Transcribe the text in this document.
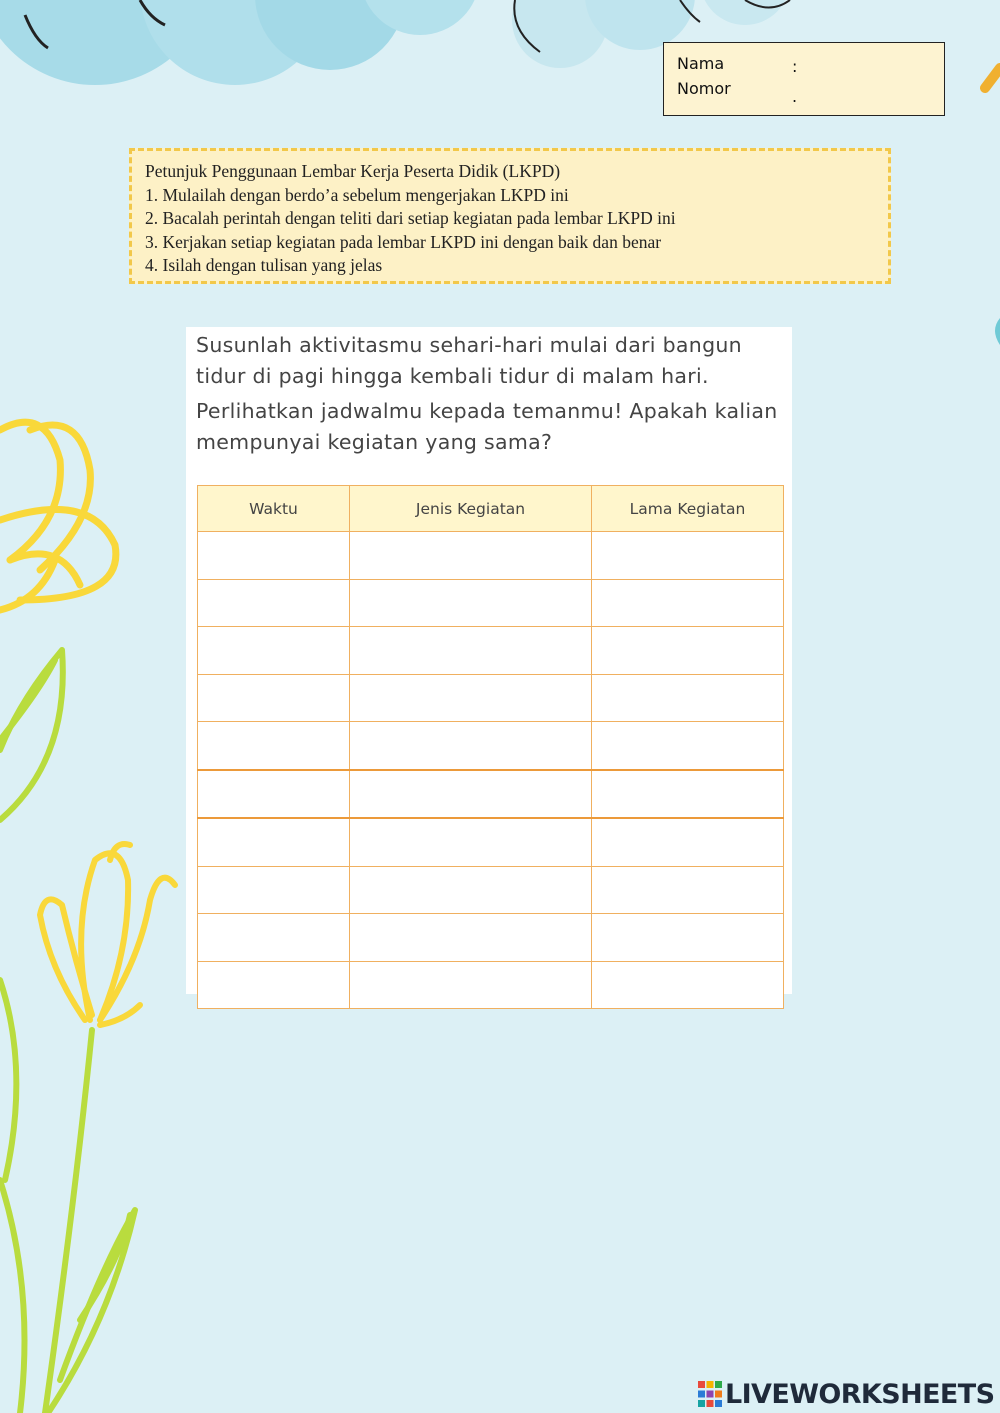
Nama	:
Nomor	.
Petunjuk Penggunaan Lembar Kerja Peserta Didik (LKPD)
1. Mulailah dengan berdo’a sebelum mengerjakan LKPD ini
2. Bacalah perintah dengan teliti dari setiap kegiatan pada lembar LKPD ini
3. Kerjakan setiap kegiatan pada lembar LKPD ini dengan baik dan benar
4. Isilah dengan tulisan yang jelas

Susunlah aktivitasmu sehari-hari mulai dari bangun tidur di pagi hingga kembali tidur di malam hari.

Perlihatkan jadwalmu kepada temanmu! Apakah kalian mempunyai kegiatan yang sama?

Waktu	Jenis Kegiatan	Lama Kegiatan

LIVEWORKSHEETS
